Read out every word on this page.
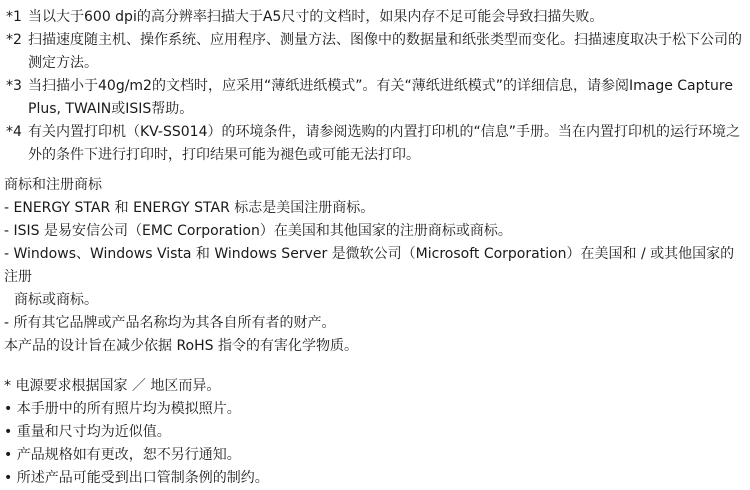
*1 当以大于600 dpi的高分辨率扫描大于A5尺寸的文档时，如果内存不足可能会导致扫描失败。
*2 扫描速度随主机、操作系统、应用程序、测量方法、图像中的数据量和纸张类型而变化。扫描速度取决于松下公司的测定方法。
*3 当扫描小于40g/m2的文档时，应采用“薄纸进纸模式”。有关“薄纸进纸模式”的详细信息，请参阅Image Capture Plus, TWAIN或ISIS帮助。
*4 有关内置打印机（KV-SS014）的环境条件，请参阅选购的内置打印机的“信息”手册。当在内置打印机的运行环境之外的条件下进行打印时，打印结果可能为褪色或可能无法打印。
商标和注册商标
- ENERGY STAR 和 ENERGY STAR 标志是美国注册商标。
- ISIS 是易安信公司（EMC Corporation）在美国和其他国家的注册商标或商标。
- Windows、Windows Vista 和 Windows Server 是微软公司（Microsoft Corporation）在美国和 / 或其他国家的注册
商标或商标。
- 所有其它品牌或产品名称均为其各自所有者的财产。
本产品的设计旨在减少依据 RoHS 指令的有害化学物质。
* 电源要求根据国家 ／ 地区而异。
• 本手册中的所有照片均为模拟照片。
• 重量和尺寸均为近似值。
• 产品规格如有更改，恕不另行通知。
• 所述产品可能受到出口管制条例的制约。
